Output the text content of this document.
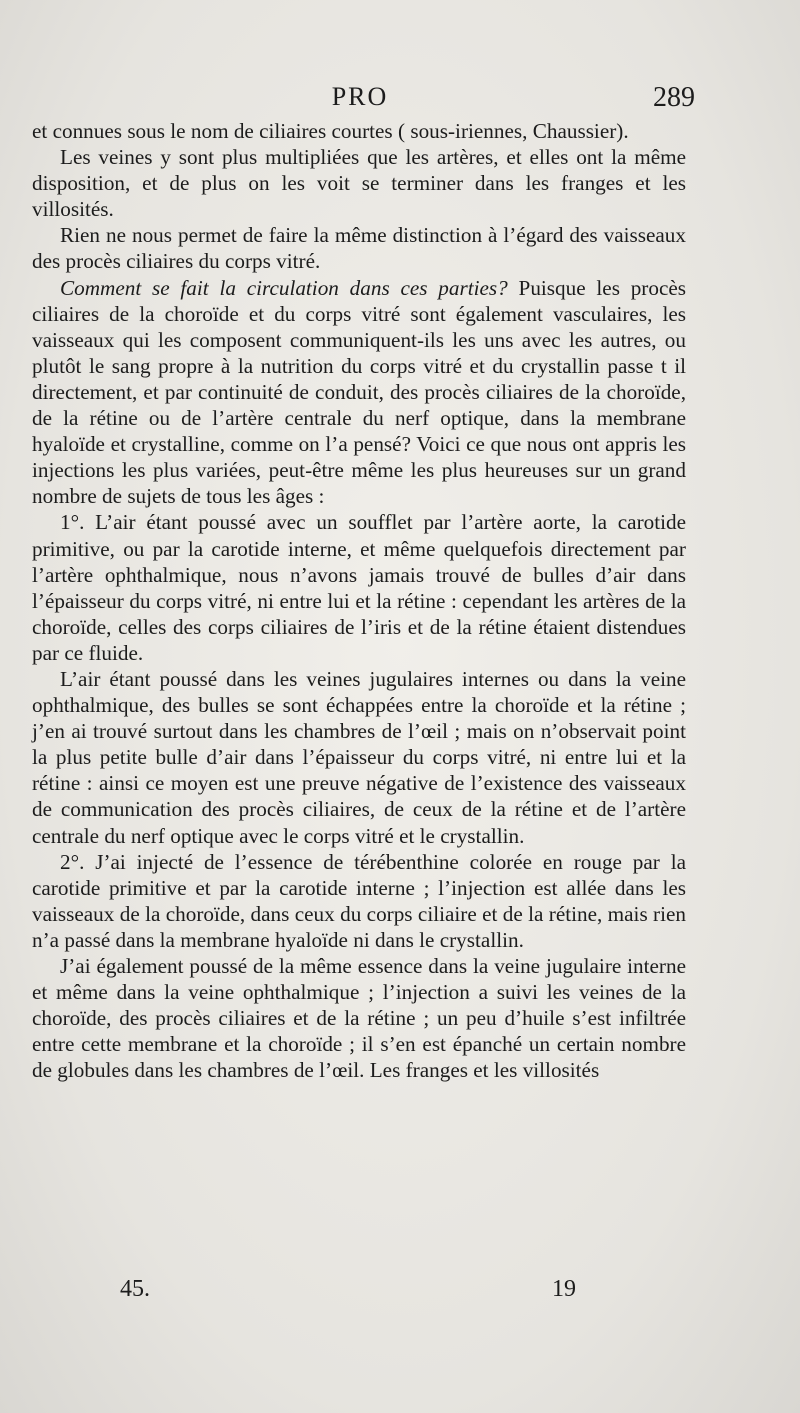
PRO	289

et connues sous le nom de ciliaires courtes ( sous-iriennes, Chaussier).

Les veines y sont plus multipliées que les artères, et elles ont la même disposition, et de plus on les voit se terminer dans les franges et les villosités.

Rien ne nous permet de faire la même distinction à l’égard des vaisseaux des procès ciliaires du corps vitré.

Comment se fait la circulation dans ces parties? Puisque les procès ciliaires de la choroïde et du corps vitré sont également vasculaires, les vaisseaux qui les composent communiquent-ils les uns avec les autres, ou plutôt le sang propre à la nutrition du corps vitré et du crystallin passe t il directement, et par continuité de conduit, des procès ciliaires de la choroïde, de la rétine ou de l’artère centrale du nerf optique, dans la membrane hyaloïde et crystalline, comme on l’a pensé? Voici ce que nous ont appris les injections les plus variées, peut-être même les plus heureuses sur un grand nombre de sujets de tous les âges :

1°. L’air étant poussé avec un soufflet par l’artère aorte, la carotide primitive, ou par la carotide interne, et même quelquefois directement par l’artère ophthalmique, nous n’avons jamais trouvé de bulles d’air dans l’épaisseur du corps vitré, ni entre lui et la rétine : cependant les artères de la choroïde, celles des corps ciliaires de l’iris et de la rétine étaient distendues par ce fluide.

L’air étant poussé dans les veines jugulaires internes ou dans la veine ophthalmique, des bulles se sont échappées entre la choroïde et la rétine ; j’en ai trouvé surtout dans les chambres de l’œil ; mais on n’observait point la plus petite bulle d’air dans l’épaisseur du corps vitré, ni entre lui et la rétine : ainsi ce moyen est une preuve négative de l’existence des vaisseaux de communication des procès ciliaires, de ceux de la rétine et de l’artère centrale du nerf optique avec le corps vitré et le crystallin.

2°. J’ai injecté de l’essence de térébenthine colorée en rouge par la carotide primitive et par la carotide interne ; l’injection est allée dans les vaisseaux de la choroïde, dans ceux du corps ciliaire et de la rétine, mais rien n’a passé dans la membrane hyaloïde ni dans le crystallin.

J’ai également poussé de la même essence dans la veine jugulaire interne et même dans la veine ophthalmique ; l’injection a suivi les veines de la choroïde, des procès ciliaires et de la rétine ; un peu d’huile s’est infiltrée entre cette membrane et la choroïde ; il s’en est épanché un certain nombre de globules dans les chambres de l’œil. Les franges et les villosités

45.	19
